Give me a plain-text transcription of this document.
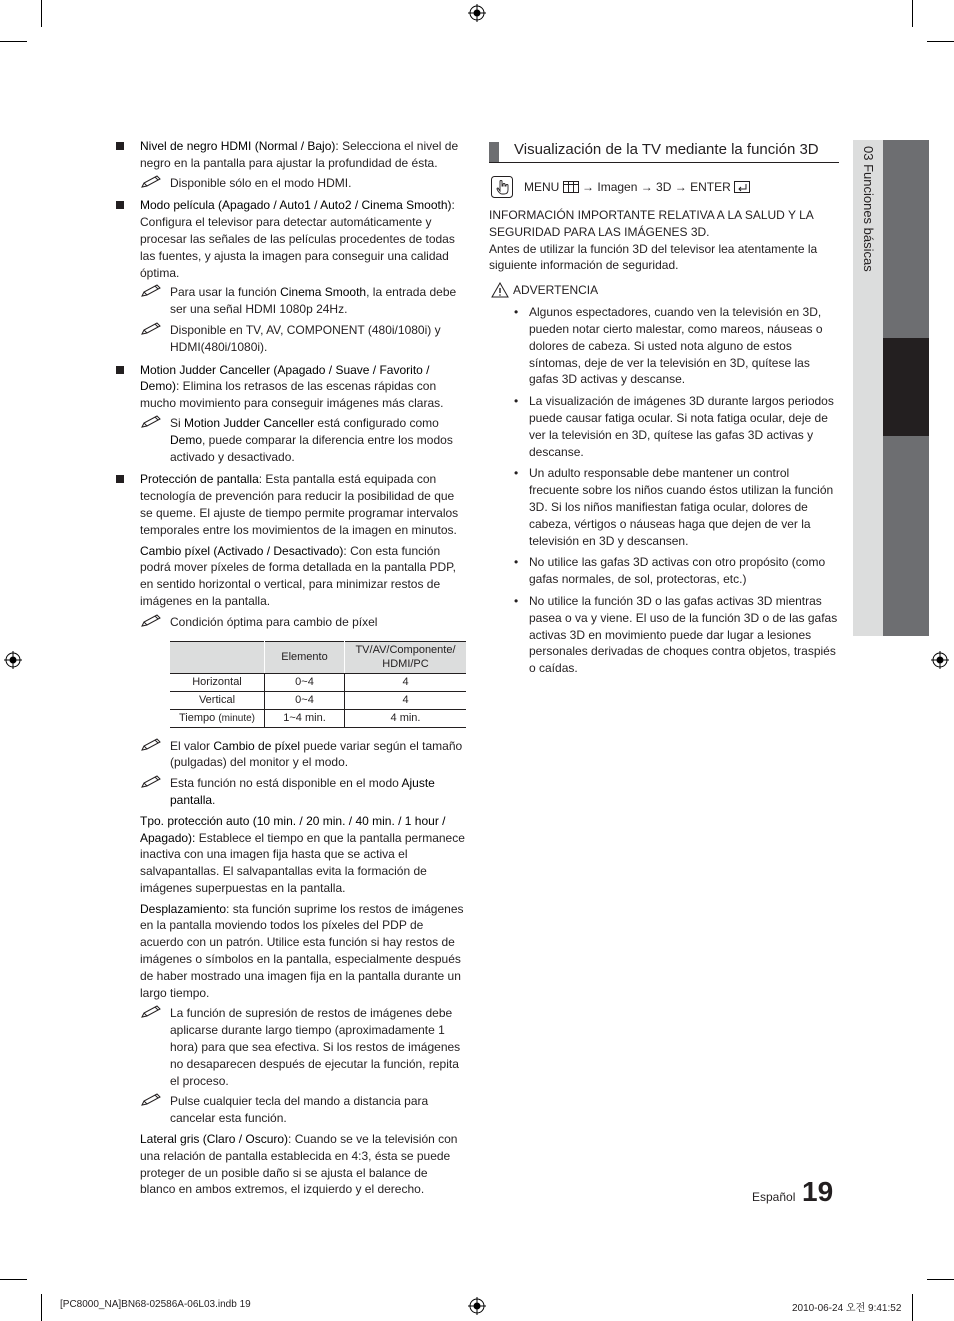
Nivel de negro HDMI (Normal / Bajo): Selecciona el nivel de negro en la pantalla para ajustar la profundidad de ésta.

Disponible sólo en el modo HDMI.

Modo película (Apagado / Auto1 / Auto2 / Cinema Smooth): Configura el televisor para detectar automáticamente y procesar las señales de las películas procedentes de todas las fuentes, y ajusta la imagen para conseguir una calidad óptima.

Para usar la función Cinema Smooth, la entrada debe ser una señal HDMI 1080p 24Hz.

Disponible en TV, AV, COMPONENT (480i/1080i) y HDMI(480i/1080i).

Motion Judder Canceller (Apagado / Suave / Favorito / Demo): Elimina los retrasos de las escenas rápidas con mucho movimiento para conseguir imágenes más claras.

Si Motion Judder Canceller está configurado como Demo, puede comparar la diferencia entre los modos activado y desactivado.

Protección de pantalla: Esta pantalla está equipada con tecnología de prevención para reducir la posibilidad de que se queme. El ajuste de tiempo permite programar intervalos temporales entre los movimientos de la imagen en minutos.

Cambio píxel (Activado / Desactivado): Con esta función podrá mover píxeles de forma detallada en la pantalla PDP, en sentido horizontal o vertical, para minimizar restos de imágenes en la pantalla.

Condición óptima para cambio de píxel

	Elemento	TV/AV/Componente/ HDMI/PC
Horizontal	0~4	4
Vertical	0~4	4
Tiempo (minute)	1~4 min.	4 min.

El valor Cambio de píxel puede variar según el tamaño (pulgadas) del monitor y el modo.

Esta función no está disponible en el modo Ajuste pantalla.

Tpo. protección auto (10 min. / 20 min. / 40 min. / 1 hour / Apagado): Establece el tiempo en que la pantalla permanece inactiva con una imagen fija hasta que se activa el salvapantallas. El salvapantallas evita la formación de imágenes superpuestas en la pantalla.

Desplazamiento: sta función suprime los restos de imágenes en la pantalla moviendo todos los píxeles del PDP de acuerdo con un patrón. Utilice esta función si hay restos de imágenes o símbolos en la pantalla, especialmente después de haber mostrado una imagen fija en la pantalla durante un largo tiempo.

La función de supresión de restos de imágenes debe aplicarse durante largo tiempo (aproximadamente 1 hora) para que sea efectiva. Si los restos de imágenes no desaparecen después de ejecutar la función, repita el proceso.

Pulse cualquier tecla del mando a distancia para cancelar esta función.

Lateral gris (Claro / Oscuro): Cuando se ve la televisión con una relación de pantalla establecida en 4:3, ésta se puede proteger de un posible daño si se ajusta el balance de blanco en ambos extremos, el izquierdo y el derecho.

Visualización de la TV mediante la función 3D
MENU  → Imagen → 3D → ENTER

INFORMACIÓN IMPORTANTE RELATIVA A LA SALUD Y LA SEGURIDAD PARA LAS IMÁGENES 3D.

Antes de utilizar la función 3D del televisor lea atentamente la siguiente información de seguridad.

ADVERTENCIA
• Algunos espectadores, cuando ven la televisión en 3D, pueden notar cierto malestar, como mareos, náuseas o dolores de cabeza. Si usted nota alguno de estos síntomas, deje de ver la televisión en 3D, quítese las gafas 3D activas y descanse.
• La visualización de imágenes 3D durante largos periodos puede causar fatiga ocular. Si nota fatiga ocular, deje de ver la televisión en 3D, quítese las gafas 3D activas y descanse.
• Un adulto responsable debe mantener un control frecuente sobre los niños cuando éstos utilizan la función 3D. Si los niños manifiestan fatiga ocular, dolores de cabeza, vértigos o náuseas haga que dejen de ver la televisión en 3D y descansen.
• No utilice las gafas 3D activas con otro propósito (como gafas normales, de sol, protectoras, etc.)
• No utilice la función 3D o las gafas activas 3D mientras pasea o va y viene. El uso de la función 3D o de las gafas activas 3D en movimiento puede dar lugar a lesiones personales derivadas de choques contra objetos, traspiés o caídas.
03 Funciones básicas
Español 19
[PC8000_NA]BN68-02586A-06L03.indb 19	2010-06-24 오전 9:41:52
